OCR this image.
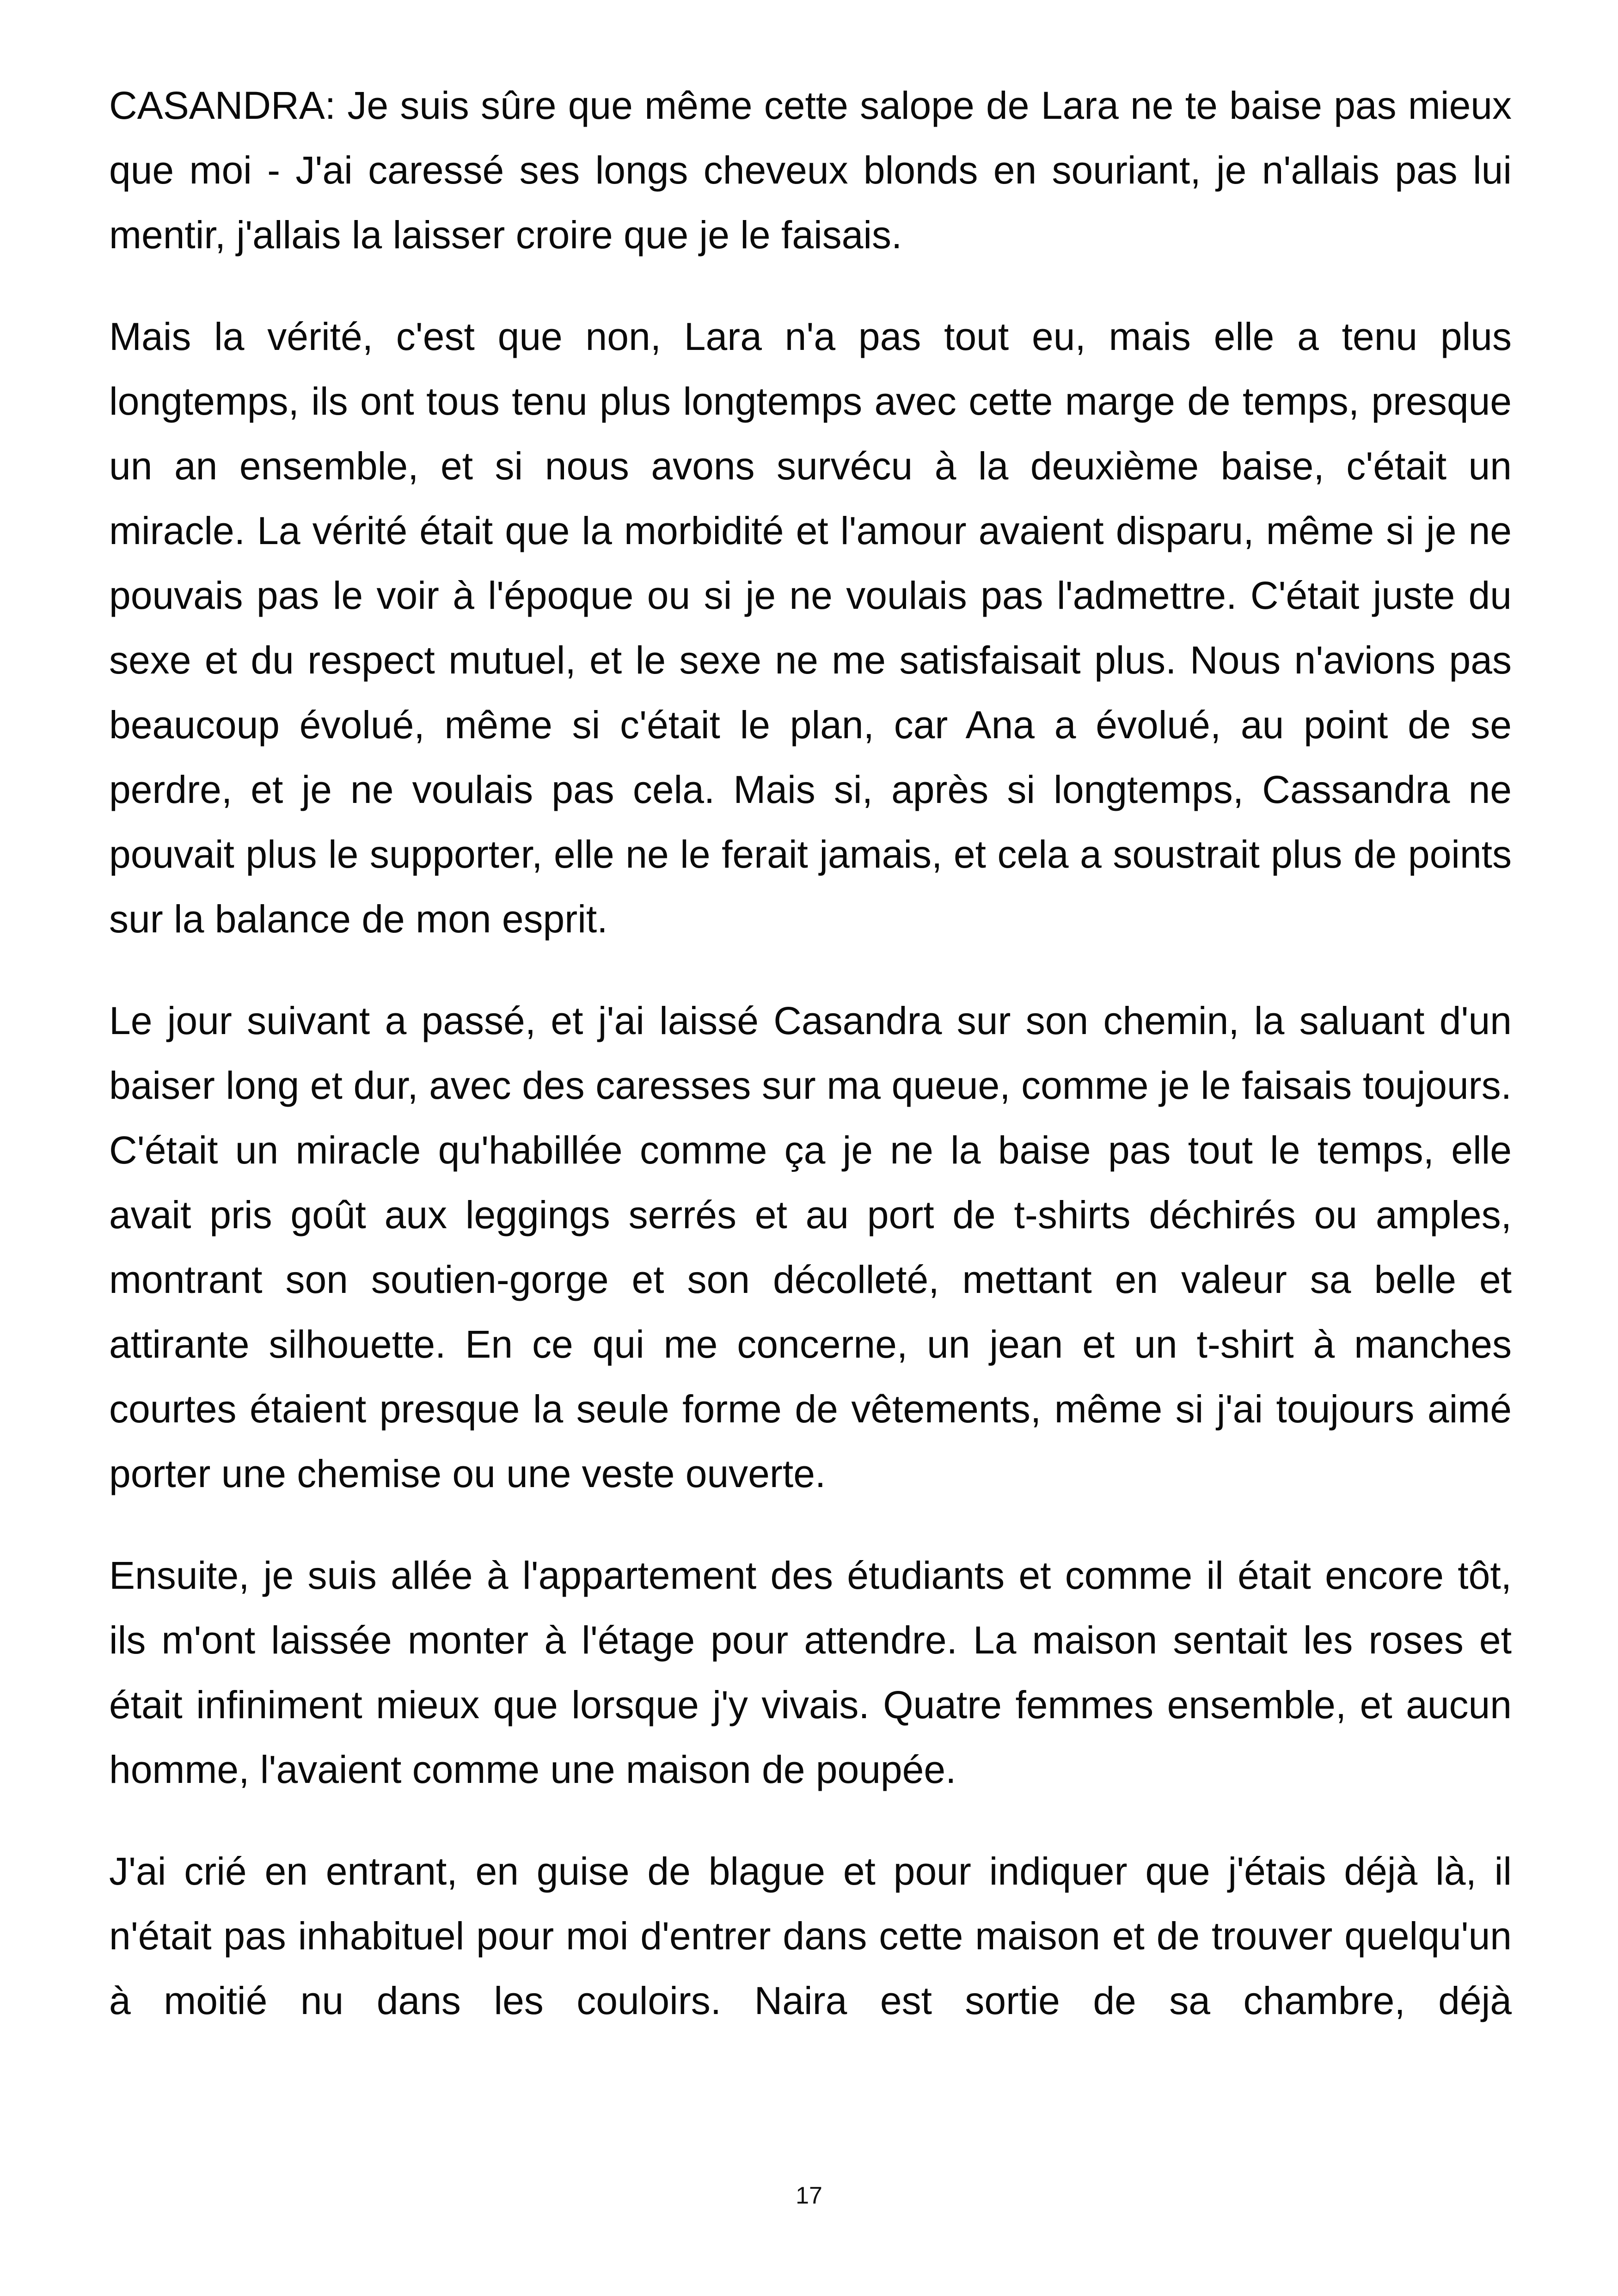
CASANDRA: Je suis sûre que même cette salope de Lara ne te baise pas mieux que moi - J'ai caressé ses longs cheveux blonds en souriant, je n'allais pas lui mentir, j'allais la laisser croire que je le faisais.

Mais la vérité, c'est que non, Lara n'a pas tout eu, mais elle a tenu plus longtemps, ils ont tous tenu plus longtemps avec cette marge de temps, presque un an ensemble, et si nous avons survécu à la deuxième baise, c'était un miracle. La vérité était que la morbidité et l'amour avaient disparu, même si je ne pouvais pas le voir à l'époque ou si je ne voulais pas l'admettre. C'était juste du sexe et du respect mutuel, et le sexe ne me satisfaisait plus. Nous n'avions pas beaucoup évolué, même si c'était le plan, car Ana a évolué, au point de se perdre, et je ne voulais pas cela. Mais si, après si longtemps, Cassandra ne pouvait plus le supporter, elle ne le ferait jamais, et cela a soustrait plus de points sur la balance de mon esprit.

Le jour suivant a passé, et j'ai laissé Casandra sur son chemin, la saluant d'un baiser long et dur, avec des caresses sur ma queue, comme je le faisais toujours. C'était un miracle qu'habillée comme ça je ne la baise pas tout le temps, elle avait pris goût aux leggings serrés et au port de t-shirts déchirés ou amples, montrant son soutien-gorge et son décolleté, mettant en valeur sa belle et attirante silhouette. En ce qui me concerne, un jean et un t-shirt à manches courtes étaient presque la seule forme de vêtements, même si j'ai toujours aimé porter une chemise ou une veste ouverte.

Ensuite, je suis allée à l'appartement des étudiants et comme il était encore tôt, ils m'ont laissée monter à l'étage pour attendre. La maison sentait les roses et était infiniment mieux que lorsque j'y vivais. Quatre femmes ensemble, et aucun homme, l'avaient comme une maison de poupée.

J'ai crié en entrant, en guise de blague et pour indiquer que j'étais déjà là, il n'était pas inhabituel pour moi d'entrer dans cette maison et de trouver quelqu'un à moitié nu dans les couloirs. Naira est sortie de sa chambre, déjà

17
